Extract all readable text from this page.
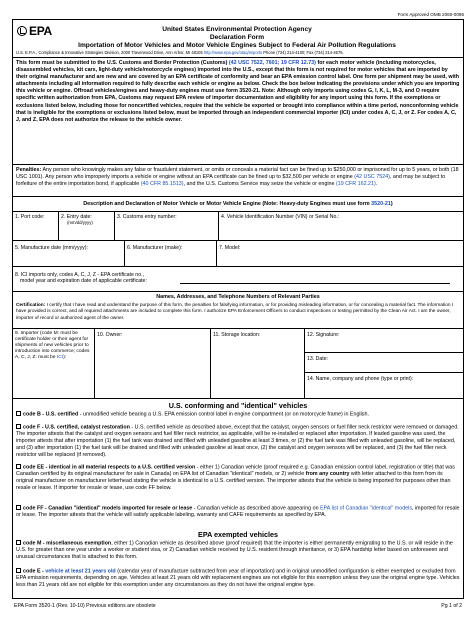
Form Approved OMB 2060-0095
EPA	United States Environmental Protection Agency
Declaration Form
Importation of Motor Vehicles and Motor Vehicle Engines Subject to Federal Air Pollution Regulations
U.S. E.P.A., Compliance & Innovative Strategies Division, 2000 Traverwood Drive, Ann Arbor, MI 48105 http://www.epa.gov/otaq/imports Phone (734) 214-4100; Fax (734) 214-4676.
This form must be submitted to the U.S. Customs and Border Protection (Customs) (42 USC 7522, 7601; 19 CFR 12.73) for each motor vehicle (including motorcycles, disassembled vehicles, kit cars, light-duty vehicle/motorcycle engines) imported into the U.S., except that this form is not required for motor vehicles that are imported by their original manufacturer and are new and are covered by an EPA certificate of conformity and bear an EPA emission control label. One form per shipment may be used, with attachments including all information required to fully describe each vehicle or engine as below. Check the box below indicating the provisions under which you are importing this vehicle or engine. Offroad vehicles/engines and heavy-duty engines must use form 3520-21. Note: Although only imports using codes G, I, K, L, M-3, and O require specific written authorization from EPA, Customs may request EPA review of importer documentation and eligibility for any import using this form. If the exemptions or exclusions listed below, including those for noncertified vehicles, require that the vehicle be exported or brought into compliance within a time period, nonconforming vehicle that is ineligible for the exemptions or exclusions listed below, must be imported through an independent commercial importer (ICI) under codes A, C, J, or Z. For codes A, C, J, and Z, EPA does not authorize the release to the vehicle owner.
Penalties: Any person who knowingly makes any false or fraudulent statement, or omits or conceals a material fact can be fined up to $250,000 or imprisoned for up to 5 years, or both (18 USC 1001). Any person who improperly imports a vehicle or engine without an EPA certificate can be fined up to $32,500 per vehicle or engine (42 USC 7524), and may be subject to forfeiture of the entire importation bond, if applicable (40 CFR 85.1513), and the U.S. Customs Service may seize the vehicle or engine (19 CFR 162.21).
Description and Declaration of Motor Vehicle or Motor Vehicle Engine (Note: Heavy-duty Engines must use form 3520-21)
1. Port code:	2. Entry date:
(mm/dd/yyyy)
3. Customs entry number:	4. Vehicle Identification Number (VIN) or Serial No.:
5. Manufacture date (mm/yyyy):	6. Manufacturer (make):	7. Model:
8. ICI imports only, codes A, C, J, Z - EPA certificate no.,
model year and expiration date of applicable certificate:
Names, Addresses, and Telephone Numbers of Relevant Parties
Certification: I certify that I have read and understand the purpose of this form, the penalties for falsifying information, or for providing misleading information, or for concealing a material fact. The information I have provided is correct, and all required attachments are included to complete this form. I authorize EPA Enforcement Officers to conduct inspections or testing permitted by the Clean Air Act. I am the owner, importer of record or authorized agent of the owner.
9. Importer (code M: must be certificate holder or their agent for shipments of new vehicles prior to introduction into commerce; codes A, C, J, Z: must be ICI):
10. Owner:	11. Storage location:	12. Signature:
13. Date:
14. Name, company and phone (type or print):
U.S. conforming and "identical" vehicles
code B - U.S. certified - unmodified vehicle bearing a U.S. EPA emission control label in engine compartment (or on motorcycle frame) in English.
code F - U.S. certified, catalyst restoration - U.S. certified vehicle as described above, except that the catalyst, oxygen sensors or fuel filler neck restrictor were removed or damaged. The importer attests that the catalyst and oxygen sensors and fuel filler neck restrictor, as applicable, will be re-installed or replaced after importation. If leaded gasoline was used, the importer attests that after importation (1) the fuel tank was drained and filled with unleaded gasoline at least 3 times, or (2) the fuel tank was filled with unleaded gasoline, will be replaced, and (3) after importation (1) the fuel tank will be drained and filled with unleaded gasoline at least once, (2) the catalyst and oxygen sensors will be replaced, and (3) the fuel filler neck restrictor will be replaced (if removed).
code EE - identical in all material respects to a U.S. certified version - either 1) Canadian vehicle (proof required e.g. Canadian emission control label, registration or title) that was Canadian certified by its original manufacturer for sale in Canada) on EPA list of Canadian "identical" models, or 2) vehicle from any country with letter attached to this form from its original manufacturer on manufacturer letterhead stating the vehicle is identical to a U.S. certified version. The importer attests that the vehicle is being imported for purposes other than resale or lease. If importer for resale or lease, use code FF below.
code FF - Canadian "identical" models imported for resale or lease - Canadian vehicle as described above appearing on EPA list of Canadian "identical" models, imported for resale or lease. The importer attests that the vehicle will satisfy applicable labeling, warranty and CAFE requirements as specified by EPA.
EPA exempted vehicles
code M - miscellaneous exemption, either 1) Canadian vehicle as described above (proof required) that the importer is either permanently emigrating to the U.S. or will reside in the U.S. for greater than one year under a worker or student visa, or 2) Canadian vehicle received by U.S. resident through inheritance, or 3) EPA hardship letter based on unforeseen and unusual circumstances that is attached to this form.
code E - vehicle at least 21 years old (calendar year of manufacture subtracted from year of importation) and in original unmodified configuration is either exempted or excluded from EPA emission requirements, depending on age. Vehicles at least 21 years old with replacement engines are not eligible for this exemption unless they use the original engine type. Vehicles less than 21 years old are not eligible for this exemption under any circumstances as they do not have the original engine type.
EPA Form 3520-1 (Rev. 10-10) Previous editions are obsolete	Pg 1 of 2
